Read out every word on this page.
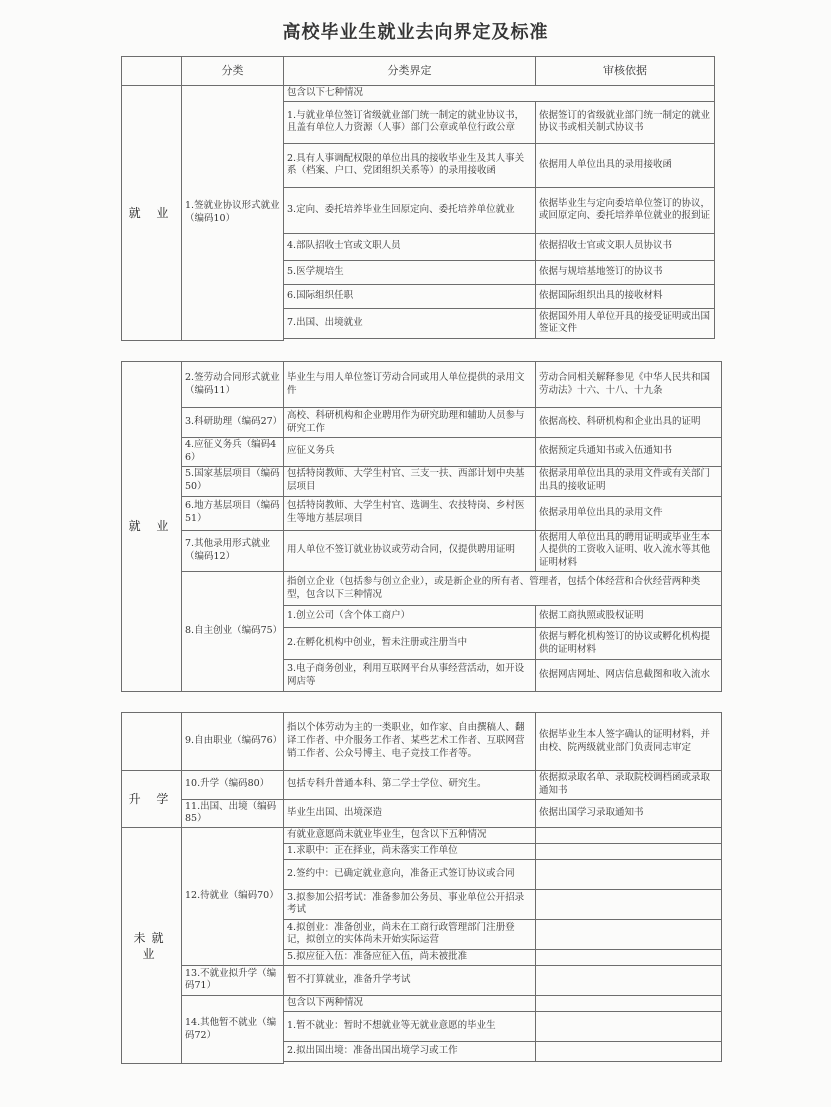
高校毕业生就业去向界定及标准
	分类	分类界定	审核依据
就 业	1.签就业协议形式就业（编码10）	包含以下七种情况	
		1.与就业单位签订省级就业部门统一制定的就业协议书，且盖有单位人力资源（人事）部门公章或单位行政公章	依据签订的省级就业部门统一制定的就业协议书或相关制式协议书
		2.具有人事调配权限的单位出具的接收毕业生及其人事关系（档案、户口、党团组织关系等）的录用接收函	依据用人单位出具的录用接收函
		3.定向、委托培养毕业生回原定向、委托培养单位就业	依据毕业生与定向委培单位签订的协议，或回原定向、委托培养单位就业的报到证
		4.部队招收士官或文职人员	依据招收士官或文职人员协议书
		5.医学规培生	依据与规培基地签订的协议书
		6.国际组织任职	依据国际组织出具的接收材料
		7.出国、出境就业	依据国外用人单位开具的接受证明或出国签证文件

就 业	2.签劳动合同形式就业（编码11）	毕业生与用人单位签订劳动合同或用人单位提供的录用文件	劳动合同相关解释参见《中华人民共和国劳动法》十六、十八、十九条
	3.科研助理（编码27）	高校、科研机构和企业聘用作为研究助理和辅助人员参与研究工作	依据高校、科研机构和企业出具的证明
	4.应征义务兵（编码46）	应征义务兵	依据预定兵通知书或入伍通知书
	5.国家基层项目（编码50）	包括特岗教师、大学生村官、三支一扶、西部计划中央基层项目	依据录用单位出具的录用文件或有关部门出具的接收证明
	6.地方基层项目（编码51）	包括特岗教师、大学生村官、选调生、农技特岗、乡村医生等地方基层项目	依据录用单位出具的录用文件
	7.其他录用形式就业（编码12）	用人单位不签订就业协议或劳动合同，仅提供聘用证明	依据用人单位出具的聘用证明或毕业生本人提供的工资收入证明、收入流水等其他证明材料
	8.自主创业（编码75）	指创立企业（包括参与创立企业），或是新企业的所有者、管理者，包括个体经营和合伙经营两种类型，包含以下三种情况	
		1.创立公司（含个体工商户）	依据工商执照或股权证明
		2.在孵化机构中创业，暂未注册或注册当中	依据与孵化机构签订的协议或孵化机构提供的证明材料
		3.电子商务创业，利用互联网平台从事经营活动，如开设网店等	依据网店网址、网店信息截图和收入流水
	9.自由职业（编码76）	指以个体劳动为主的一类职业，如作家、自由撰稿人、翻译工作者、中介服务工作者、某些艺术工作者、互联网营销工作者、公众号博主、电子竞技工作者等。	依据毕业生本人签字确认的证明材料，并由校、院两级就业部门负责同志审定
升 学	10.升学（编码80）	包括专科升普通本科、第二学士学位、研究生。	依据拟录取名单、录取院校调档函或录取通知书
	11.出国、出境（编码85）	毕业生出国、出境深造	依据出国学习录取通知书
未就业	12.待就业（编码70）	有就业意愿尚未就业毕业生，包含以下五种情况	
		1.求职中：正在择业，尚未落实工作单位	
		2.签约中：已确定就业意向，准备正式签订协议或合同	
		3.拟参加公招考试：准备参加公务员、事业单位公开招录考试	
		4.拟创业：准备创业，尚未在工商行政管理部门注册登记，拟创立的实体尚未开始实际运营	
		5.拟应征入伍：准备应征入伍，尚未被批准	
	13.不就业拟升学（编码71）	暂不打算就业，准备升学考试	
	14.其他暂不就业（编码72）	包含以下两种情况	
		1.暂不就业：暂时不想就业等无就业意愿的毕业生	
		2.拟出国出境：准备出国出境学习或工作	
